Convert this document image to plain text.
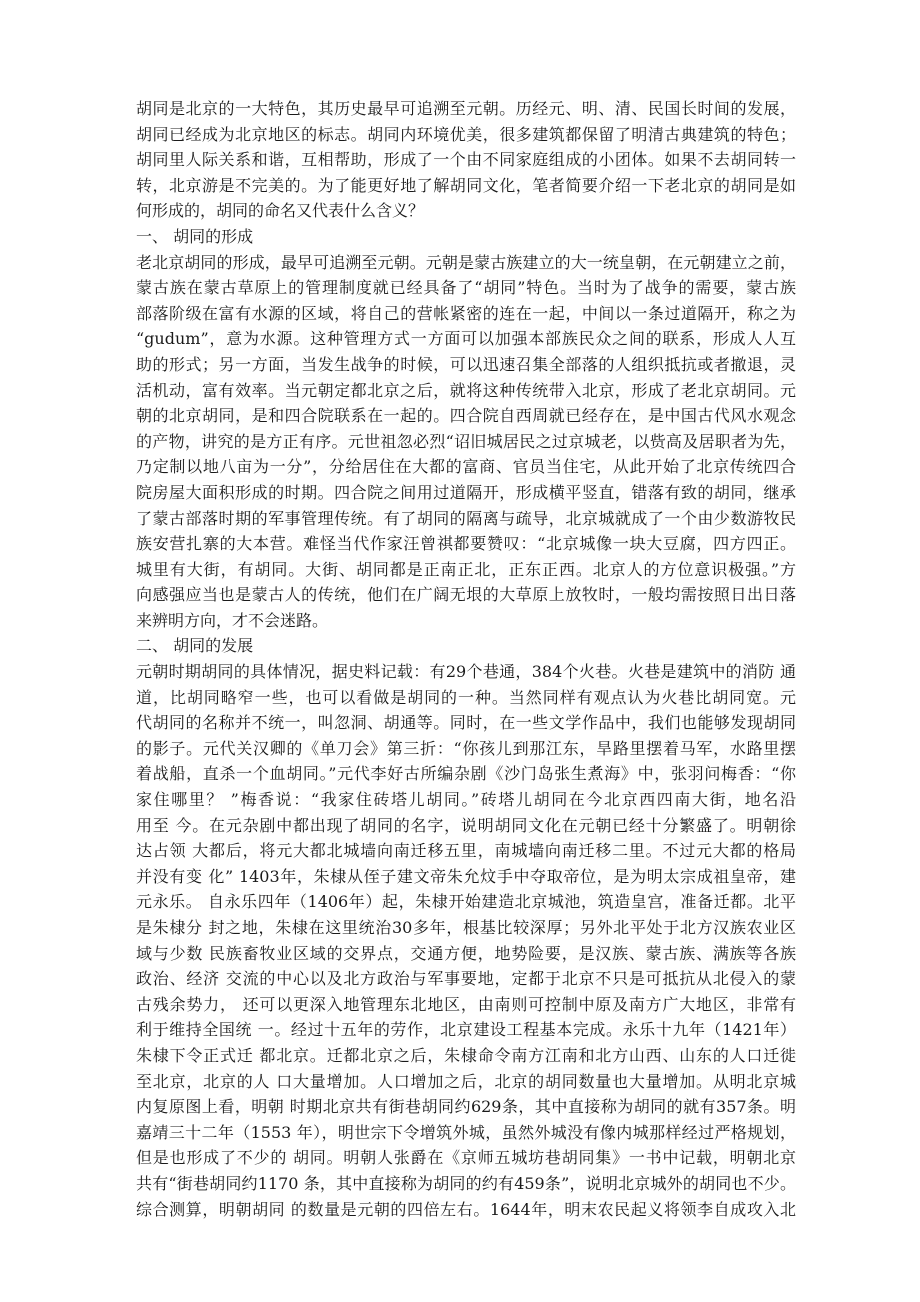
胡同是北京的一大特色，其历史最早可追溯至元朝。历经元、明、清、民国长时间的发展，
胡同已经成为北京地区的标志。胡同内环境优美，很多建筑都保留了明清古典建筑的特色；
胡同里人际关系和谐，互相帮助，形成了一个由不同家庭组成的小团体。如果不去胡同转一
转，北京游是不完美的。为了能更好地了解胡同文化，笔者简要介绍一下老北京的胡同是如
何形成的，胡同的命名又代表什么含义？
一、 胡同的形成
老北京胡同的形成，最早可追溯至元朝。元朝是蒙古族建立的大一统皇朝，在元朝建立之前，
蒙古族在蒙古草原上的管理制度就已经具备了“胡同”特色。当时为了战争的需要，蒙古族
部落阶级在富有水源的区域，将自己的营帐紧密的连在一起，中间以一条过道隔开，称之为
“gudum”，意为水源。这种管理方式一方面可以加强本部族民众之间的联系，形成人人互
助的形式；另一方面，当发生战争的时候，可以迅速召集全部落的人组织抵抗或者撤退，灵
活机动，富有效率。当元朝定都北京之后，就将这种传统带入北京，形成了老北京胡同。元
朝的北京胡同，是和四合院联系在一起的。四合院自西周就已经存在，是中国古代风水观念
的产物，讲究的是方正有序。元世祖忽必烈“诏旧城居民之过京城老，以赀高及居职者为先，
乃定制以地八亩为一分”，分给居住在大都的富商、官员当住宅，从此开始了北京传统四合
院房屋大面积形成的时期。四合院之间用过道隔开，形成横平竖直，错落有致的胡同，继承
了蒙古部落时期的军事管理传统。有了胡同的隔离与疏导，北京城就成了一个由少数游牧民
族安营扎寨的大本营。难怪当代作家汪曾祺都要赞叹：“北京城像一块大豆腐，四方四正。
城里有大街，有胡同。大街、胡同都是正南正北，正东正西。北京人的方位意识极强。”方
向感强应当也是蒙古人的传统，他们在广阔无垠的大草原上放牧时，一般均需按照日出日落
来辨明方向，才不会迷路。
二、 胡同的发展
元朝时期胡同的具体情况，据史料记载：有29个巷通，384个火巷。火巷是建筑中的消防 通
道，比胡同略窄一些，也可以看做是胡同的一种。当然同样有观点认为火巷比胡同宽。元
代胡同的名称并不统一，叫忽洞、胡通等。同时，在一些文学作品中，我们也能够发现胡同
的影子。元代关汉卿的《单刀会》第三折：“你孩儿到那江东，旱路里摆着马军，水路里摆
着战船，直杀一个血胡同。”元代李好古所编杂剧《沙门岛张生煮海》中，张羽问梅香：“你
家住哪里？ ”梅香说：“我家住砖塔儿胡同。”砖塔儿胡同在今北京西四南大街，地名沿
用至 今。在元杂剧中都出现了胡同的名字，说明胡同文化在元朝已经十分繁盛了。明朝徐
达占领 大都后，将元大都北城墙向南迁移五里，南城墙向南迁移二里。不过元大都的格局
并没有变 化” 1403年，朱棣从侄子建文帝朱允炆手中夺取帝位，是为明太宗成祖皇帝，建
元永乐。 自永乐四年（1406年）起，朱棣开始建造北京城池，筑造皇宫，准备迁都。北平
是朱棣分 封之地，朱棣在这里统治30多年，根基比较深厚；另外北平处于北方汉族农业区
域与少数 民族畜牧业区域的交界点，交通方便，地势险要，是汉族、蒙古族、满族等各族
政治、经济 交流的中心以及北方政治与军事要地，定都于北京不只是可抵抗从北侵入的蒙
古残余势力， 还可以更深入地管理东北地区，由南则可控制中原及南方广大地区，非常有
利于维持全国统 一。经过十五年的劳作，北京建设工程基本完成。永乐十九年（1421年）
朱棣下令正式迁 都北京。迁都北京之后，朱棣命令南方江南和北方山西、山东的人口迁徙
至北京，北京的人 口大量增加。人口增加之后，北京的胡同数量也大量增加。从明北京城
内复原图上看，明朝 时期北京共有街巷胡同约629条，其中直接称为胡同的就有357条。明
嘉靖三十二年（1553 年），明世宗下令增筑外城，虽然外城没有像内城那样经过严格规划，
但是也形成了不少的 胡同。明朝人张爵在《京师五城坊巷胡同集》一书中记载，明朝北京
共有“街巷胡同约1170 条，其中直接称为胡同的约有459条”，说明北京城外的胡同也不少。
综合测算，明朝胡同 的数量是元朝的四倍左右。1644年，明末农民起义将领李自成攻入北
